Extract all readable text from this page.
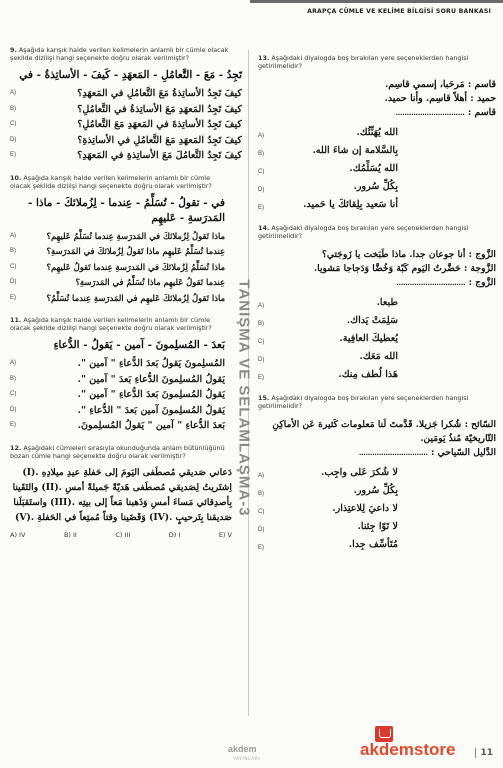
ARAPÇA CÜMLE VE KELİME BİLGİSİ SORU BANKASI

9. Aşağıda karışık halde verilen kelimelerin anlamlı bir cümle olacak şekilde dizilişi hangi seçenekte doğru olarak verilmiştir?

تَجِدُ - مَعَ - التَّعامُلِ - المَعهَدِ - كَيفَ - الأساتِذةُ - في
A)	كيفَ تَجِدُ الأساتِذةُ مَعَ التَّعامُلِ في المَعهَدِ؟
B)	كيفَ تَجِدُ المَعهَدِ مَعَ الأساتِذةُ في التَّعامُلِ؟
C)	كيفَ تَجِدُ الأساتِذةَ في المَعهَدِ مَعَ التَّعامُلِ؟
D)	كيفَ تَجِدُ المَعهَدِ مَعَ التَّعامُلِ في الأساتِذةِ؟
E)	كيفَ تَجِدُ التَّعامُلَ مَعَ الأساتِذةِ في المَعهَدِ؟

10. Aşağıda karışık halde verilen kelimelerin anlamlı bir cümle olacak şekilde dizilişi hangi seçenekte doğru olarak verilmiştir?

في - تقولُ - تُسَلِّمُ - عِندما - لِزُملائكَ - ماذا - المَدرَسةِ - عَليهِم
A)	ماذا تَقولُ لِزُملائكَ في المَدرَسةِ عِندما تُسَلِّمُ عَليهِم؟
B)	عِندما تُسَلِّمُ عَليهِم ماذا تَقولُ لِزُملائكَ في المَدرَسةِ؟
C)	ماذا تُسَلِّمُ لِزُملائكَ في المَدرَسةِ عِندما تَقولُ عَليهِم؟
D)	عِندما تَقولُ عَليهِم ماذا تُسَلِّمُ في المَدرَسةِ؟
E)	ماذا تَقولُ لِزُملائكَ عَليهِم في المَدرَسةِ عِندما تُسَلِّمُ؟

11. Aşağıda karışık halde verilen kelimelerin anlamlı bir cümle olacak şekilde dizilişi hangi seçenekte doğru olarak verilmiştir?

بَعدَ - المُسلِمونَ - آمين - يَقولُ - الدُّعاءِ
A)	المُسلِمونَ يَقولُ بَعدَ الدُّعاءِ " آمين ".
B)	يَقولُ المُسلِمونَ الدُّعاءِ بَعدَ " آمين ".
C)	يَقولُ المُسلِمونَ بَعدَ الدُّعاءِ " آمين ".
D)	يَقولُ المُسلِمونَ آمين بَعدَ " الدُّعاءِ ".
E)	بَعدَ الدُّعاءِ " آمين " يَقولُ المُسلِمونَ.

12. Aşağıdaki cümleleri sırasıyla okunduğunda anlam bütünlüğünü bozan cümle hangi seçenekte doğru olarak verilmiştir?

دَعاني صَديقي مُصطَفى اليَومَ إلى حَفلةِ عيدِ ميلادِهِ .(I) اِشتَريتُ لِصَديقي مُصطَفى هَديّةً جَميلةً أمسِ .(II) والتَقَينا بِأصدِقائي مَساءَ أمسِ وَذَهبنا مَعاً إلى بيتِه .(III) واستَقبَلَنا صَديقنا بِتَرحيبٍ .(IV) وَقَضَينا وقتاً مُمتِعاً في الحَفلةِ .(V)
A) IV	B) II	C) III	D) I	E) V
TANIŞMA VE SELAMLAŞMA-3

13. Aşağıdaki diyalogda boş bırakılan yere seçeneklerden hangisi getirilmelidir?

قاسم : مَرحَبا، إسمي قاسِم.
حميد : أهلاً قاسِم. وأنا حميد.
قاسم : ...............................
A)	الله يُهَنِّئُك.
B)	بِالسَّلامة إن شاءَ الله.
C)	الله يُسَلِّمُك.
D)	بِكُلِّ سُرور.
E)	أنا سَعيد بِلِقائكَ يا حَميد.

14. Aşağıdaki diyalogda boş bırakılan yere seçeneklerden hangisi getirilmelidir?

الزَّوج : أنا جوعان جدا. ماذا طَبَخت يا زَوجَتي؟
الزَّوجة : حَضَّرتُ اليَوم كَبّة وَخُضَّا وَدَجاجا مَشويا.
الزَّوج : ...............................
A)	طبعا.
B)	سَلِمَتْ يَداك.
C)	يُعطيكَ العافِية.
D)	الله مَعَك.
E)	هَذا لُطف مِنك.

15. Aşağıdaki diyalogda boş bırakılan yere seçeneklerden hangisi getirilmelidir?

السّائح : شُكرا جَزيلا. قَدَّمتَ لَنا مَعلومات كَثيرة عَن الأماكِنِ التّاريخيّة مُنذُ يَومَين.
الدَّليل السّياحي : ...............................
A)	لا شُكرَ عَلى واجِب.
B)	بِكُلِّ سُرور.
C)	لا داعيَ لِلاعتِذار.
D)	لا تَوّا جِئنا.
E)	مُتَأسِّف جِدا.
akdem
YAYINLARI
akdemstore	11
